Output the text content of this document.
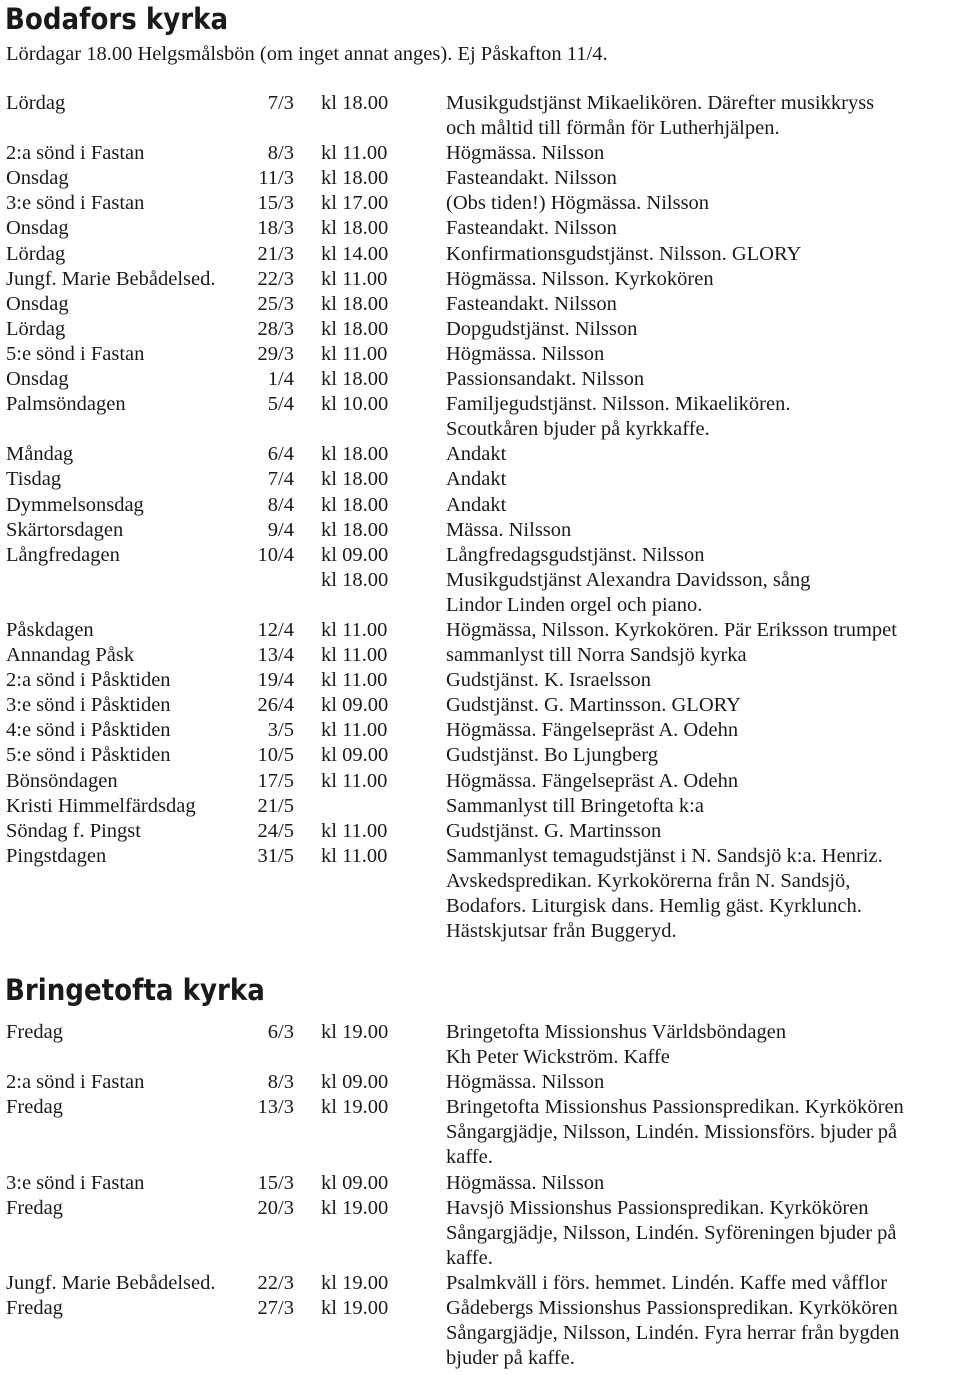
Bodafors kyrka
Lördagar 18.00 Helgsmålsbön (om inget annat anges). Ej Påskafton 11/4.
Lördag	7/3 kl 18.00	Musikgudstjänst Mikaelikören. Därefter musikkryss
och måltid till förmån för Lutherhjälpen.
2:a sönd i Fastan	8/3 kl 11.00	Högmässa. Nilsson
Onsdag	11/3 kl 18.00	Fasteandakt. Nilsson
3:e sönd i Fastan	15/3 kl 17.00	(Obs tiden!) Högmässa. Nilsson
Onsdag	18/3 kl 18.00	Fasteandakt. Nilsson
Lördag	21/3 kl 14.00	Konfirmationsgudstjänst. Nilsson. GLORY
Jungf. Marie Bebådelsed. 22/3 kl 11.00	Högmässa. Nilsson. Kyrkokören
Onsdag	25/3 kl 18.00	Fasteandakt. Nilsson
Lördag	28/3 kl 18.00	Dopgudstjänst. Nilsson
5:e sönd i Fastan	29/3 kl 11.00	Högmässa. Nilsson
Onsdag	1/4 kl 18.00	Passionsandakt. Nilsson
Palmsöndagen	5/4 kl 10.00	Familjegudstjänst. Nilsson. Mikaelikören.
Scoutkåren bjuder på kyrkkaffe.
Måndag	6/4 kl 18.00	Andakt
Tisdag	7/4 kl 18.00	Andakt
Dymmelsonsdag	8/4 kl 18.00	Andakt
Skärtorsdagen	9/4 kl 18.00	Mässa. Nilsson
Långfredagen	10/4 kl 09.00	Långfredagsgudstjänst. Nilsson
kl 18.00	Musikgudstjänst Alexandra Davidsson, sång
Lindor Linden orgel och piano.
Påskdagen	12/4 kl 11.00	Högmässa, Nilsson. Kyrkokören. Pär Eriksson trumpet
Annandag Påsk	13/4 kl 11.00	sammanlyst till Norra Sandsjö kyrka
2:a sönd i Påsktiden	19/4 kl 11.00	Gudstjänst. K. Israelsson
3:e sönd i Påsktiden	26/4 kl 09.00	Gudstjänst. G. Martinsson. GLORY
4:e sönd i Påsktiden	3/5 kl 11.00	Högmässa. Fängelsepräst A. Odehn
5:e sönd i Påsktiden	10/5 kl 09.00	Gudstjänst. Bo Ljungberg
Bönsöndagen	17/5 kl 11.00	Högmässa. Fängelsepräst A. Odehn
Kristi Himmelfärdsdag	21/5	Sammanlyst till Bringetofta k:a
Söndag f. Pingst	24/5 kl 11.00	Gudstjänst. G. Martinsson
Pingstdagen	31/5 kl 11.00	Sammanlyst temagudstjänst i N. Sandsjö k:a. Henriz.
Avskedspredikan. Kyrkokörerna från N. Sandsjö,
Bodafors. Liturgisk dans. Hemlig gäst. Kyrklunch.
Hästskjutsar från Buggeryd.
Bringetofta kyrka
Fredag	6/3 kl 19.00	Bringetofta Missionshus Världsböndagen
Kh Peter Wickström. Kaffe
2:a sönd i Fastan	8/3 kl 09.00	Högmässa. Nilsson
Fredag	13/3 kl 19.00	Bringetofta Missionshus Passionspredikan. Kyrkökören
Sångargjädje, Nilsson, Lindén. Missionsförs. bjuder på
kaffe.
3:e sönd i Fastan	15/3 kl 09.00	Högmässa. Nilsson
Fredag	20/3 kl 19.00	Havsjö Missionshus Passionspredikan. Kyrkökören
Sångargjädje, Nilsson, Lindén. Syföreningen bjuder på
kaffe.
Jungf. Marie Bebådelsed. 22/3 kl 19.00	Psalmkväll i förs. hemmet. Lindén. Kaffe med våfflor
Fredag	27/3 kl 19.00	Gådebergs Missionshus Passionspredikan. Kyrkökören
Sångargjädje, Nilsson, Lindén. Fyra herrar från bygden
bjuder på kaffe.
